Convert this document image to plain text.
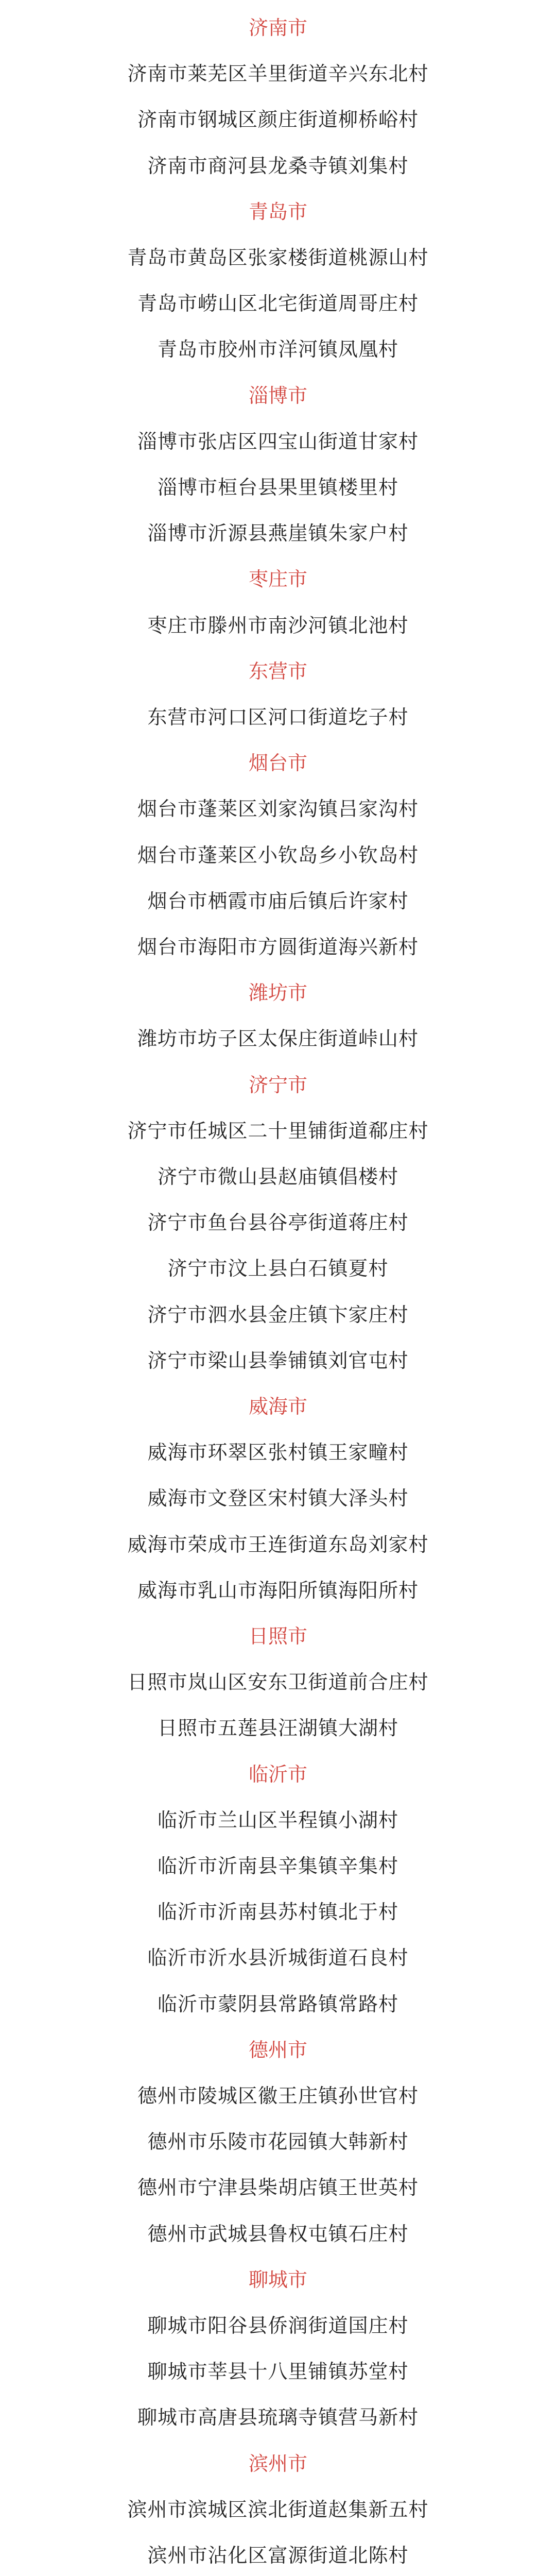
济南市
济南市莱芜区羊里街道辛兴东北村
济南市钢城区颜庄街道柳桥峪村
济南市商河县龙桑寺镇刘集村
青岛市
青岛市黄岛区张家楼街道桃源山村
青岛市崂山区北宅街道周哥庄村
青岛市胶州市洋河镇凤凰村
淄博市
淄博市张店区四宝山街道甘家村
淄博市桓台县果里镇楼里村
淄博市沂源县燕崖镇朱家户村
枣庄市
枣庄市滕州市南沙河镇北池村
东营市
东营市河口区河口街道圪子村
烟台市
烟台市蓬莱区刘家沟镇吕家沟村
烟台市蓬莱区小钦岛乡小钦岛村
烟台市栖霞市庙后镇后许家村
烟台市海阳市方圆街道海兴新村
潍坊市
潍坊市坊子区太保庄街道峠山村
济宁市
济宁市任城区二十里铺街道郗庄村
济宁市微山县赵庙镇倡楼村
济宁市鱼台县谷亭街道蒋庄村
济宁市汶上县白石镇夏村
济宁市泗水县金庄镇卞家庄村
济宁市梁山县拳铺镇刘官屯村
威海市
威海市环翠区张村镇王家疃村
威海市文登区宋村镇大泽头村
威海市荣成市王连街道东岛刘家村
威海市乳山市海阳所镇海阳所村
日照市
日照市岚山区安东卫街道前合庄村
日照市五莲县汪湖镇大湖村
临沂市
临沂市兰山区半程镇小湖村
临沂市沂南县辛集镇辛集村
临沂市沂南县苏村镇北于村
临沂市沂水县沂城街道石良村
临沂市蒙阴县常路镇常路村
德州市
德州市陵城区徽王庄镇孙世官村
德州市乐陵市花园镇大韩新村
德州市宁津县柴胡店镇王世英村
德州市武城县鲁权屯镇石庄村
聊城市
聊城市阳谷县侨润街道国庄村
聊城市莘县十八里铺镇苏堂村
聊城市高唐县琉璃寺镇营马新村
滨州市
滨州市滨城区滨北街道赵集新五村
滨州市沾化区富源街道北陈村
